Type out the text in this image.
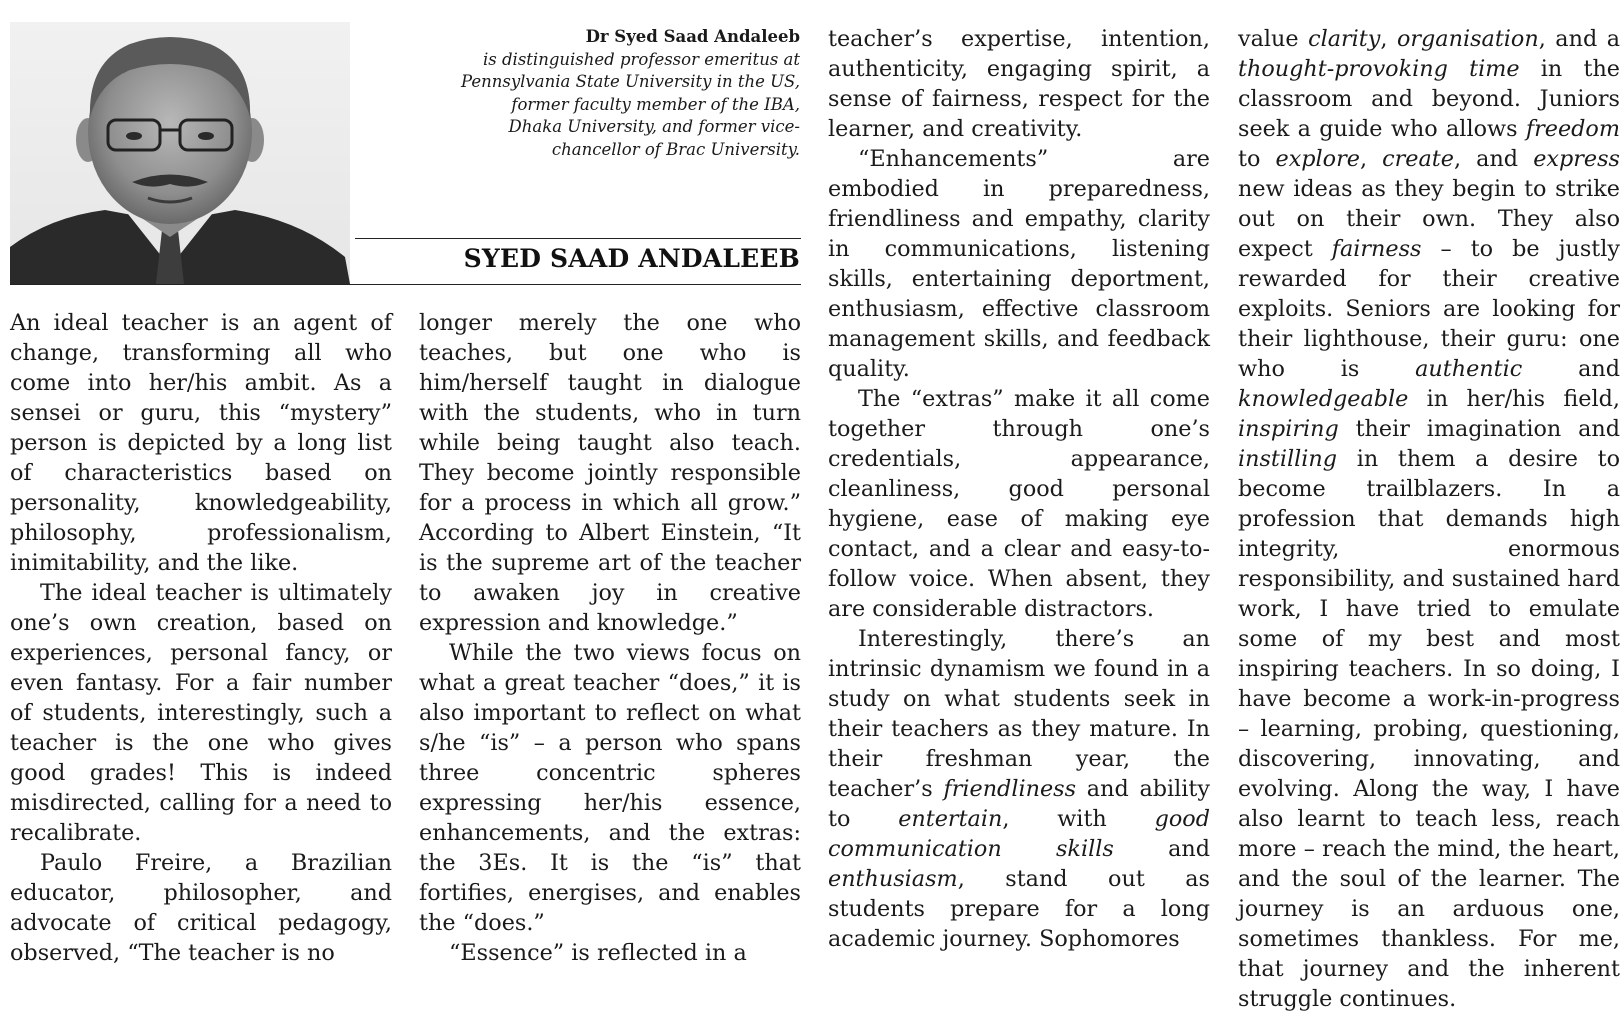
Dr Syed Saad Andaleeb
is distinguished professor emeritus at Pennsylvania State University in the US, former faculty member of the IBA, Dhaka University, and former vice-chancellor of Brac University.
SYED SAAD ANDALEEB

An ideal teacher is an agent of change, transforming all who come into her/his ambit. As a sensei or guru, this “mystery” person is depicted by a long list of characteristics based on personality, knowledgeability, philosophy, professionalism, inimitability, and the like.

The ideal teacher is ultimately one’s own creation, based on experiences, personal fancy, or even fantasy. For a fair number of students, interestingly, such a teacher is the one who gives good grades! This is indeed misdirected, calling for a need to recalibrate.

Paulo Freire, a Brazilian educator, philosopher, and advocate of critical pedagogy, observed, “The teacher is no

longer merely the one who teaches, but one who is him/herself taught in dialogue with the students, who in turn while being taught also teach. They become jointly responsible for a process in which all grow.” According to Albert Einstein, “It is the supreme art of the teacher to awaken joy in creative expression and knowledge.”

While the two views focus on what a great teacher “does,” it is also important to reflect on what s/he “is” – a person who spans three concentric spheres expressing her/his essence, enhancements, and the extras: the 3Es. It is the “is” that fortifies, energises, and enables the “does.”

“Essence” is reflected in a

teacher’s expertise, intention, authenticity, engaging spirit, a sense of fairness, respect for the learner, and creativity.

“Enhancements” are embodied in preparedness, friendliness and empathy, clarity in communications, listening skills, entertaining deportment, enthusiasm, effective classroom management skills, and feedback quality.

The “extras” make it all come together through one’s credentials, appearance, cleanliness, good personal hygiene, ease of making eye contact, and a clear and easy-to-follow voice. When absent, they are considerable distractors.

Interestingly, there’s an intrinsic dynamism we found in a study on what students seek in their teachers as they mature. In their freshman year, the teacher’s friendliness and ability to entertain, with good communication skills and enthusiasm, stand out as students prepare for a long academic journey. Sophomores

value clarity, organisation, and a thought-provoking time in the classroom and beyond. Juniors seek a guide who allows freedom to explore, create, and express new ideas as they begin to strike out on their own. They also expect fairness – to be justly rewarded for their creative exploits. Seniors are looking for their lighthouse, their guru: one who is authentic and knowledgeable in her/his field, inspiring their imagination and instilling in them a desire to become trailblazers. In a profession that demands high integrity, enormous responsibility, and sustained hard work, I have tried to emulate some of my best and most inspiring teachers. In so doing, I have become a work-in-progress – learning, probing, questioning, discovering, innovating, and evolving. Along the way, I have also learnt to teach less, reach more – reach the mind, the heart, and the soul of the learner. The journey is an arduous one, sometimes thankless. For me, that journey and the inherent struggle continues.
